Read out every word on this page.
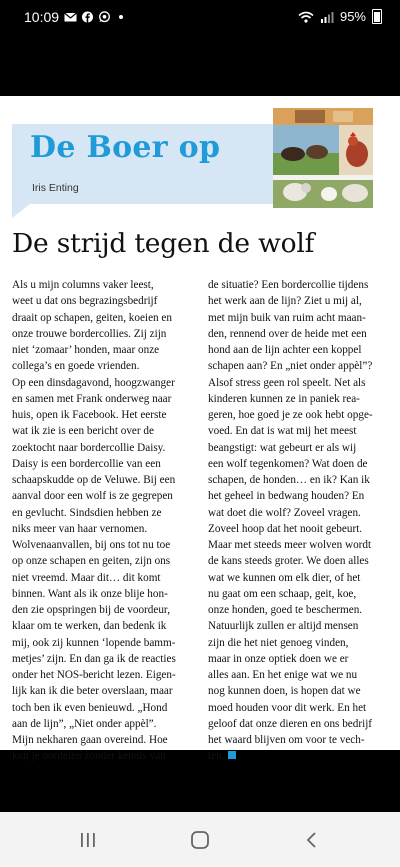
10:09	95%
De Boer op
Iris Enting
De strijd tegen de wolf
Als u mijn columns vaker leest,
weet u dat ons begrazingsbedrijf
draait op schapen, geiten, koeien en
onze trouwe bordercollies. Zij zijn
niet ‘zomaar’ honden, maar onze
collega’s en goede vrienden.
Op een dinsdagavond, hoogzwanger
en samen met Frank onderweg naar
huis, open ik Facebook. Het eerste
wat ik zie is een bericht over de
zoektocht naar bordercollie Daisy.
Daisy is een bordercollie van een
schaapskudde op de Veluwe. Bij een
aanval door een wolf is ze gegrepen
en gevlucht. Sindsdien hebben ze
niks meer van haar vernomen.
Wolvenaanvallen, bij ons tot nu toe
op onze schapen en geiten, zijn ons
niet vreemd. Maar dit… dit komt
binnen. Want als ik onze blije hon-
den zie opspringen bij de voordeur,
klaar om te werken, dan bedenk ik
mij, ook zij kunnen ‘lopende bamm-
metjes’ zijn. En dan ga ik de reacties
onder het NOS-bericht lezen. Eigen-
lijk kan ik die beter overslaan, maar
toch ben ik even benieuwd. „Hond
aan de lijn”, „Niet onder appèl”.
Mijn nekharen gaan overeind. Hoe
kun je oordelen zonder kennis van
de situatie? Een bordercollie tijdens
het werk aan de lijn? Ziet u mij al,
met mijn buik van ruim acht maan-
den, rennend over de heide met een
hond aan de lijn achter een koppel
schapen aan? En „niet onder appèl”?
Alsof stress geen rol speelt. Net als
kinderen kunnen ze in paniek rea-
geren, hoe goed je ze ook hebt opge-
voed. En dat is wat mij het meest
beangstigt: wat gebeurt er als wij
een wolf tegenkomen? Wat doen de
schapen, de honden… en ik? Kan ik
het geheel in bedwang houden? En
wat doet die wolf? Zoveel vragen.
Zoveel hoop dat het nooit gebeurt.
Maar met steeds meer wolven wordt
de kans steeds groter. We doen alles
wat we kunnen om elk dier, of het
nu gaat om een schaap, geit, koe,
onze honden, goed te beschermen.
Natuurlijk zullen er altijd mensen
zijn die het niet genoeg vinden,
maar in onze optiek doen we er
alles aan. En het enige wat we nu
nog kunnen doen, is hopen dat we
moed houden voor dit werk. En het
geloof dat onze dieren en ons bedrijf
het waard blijven om voor te vech-
ten.
